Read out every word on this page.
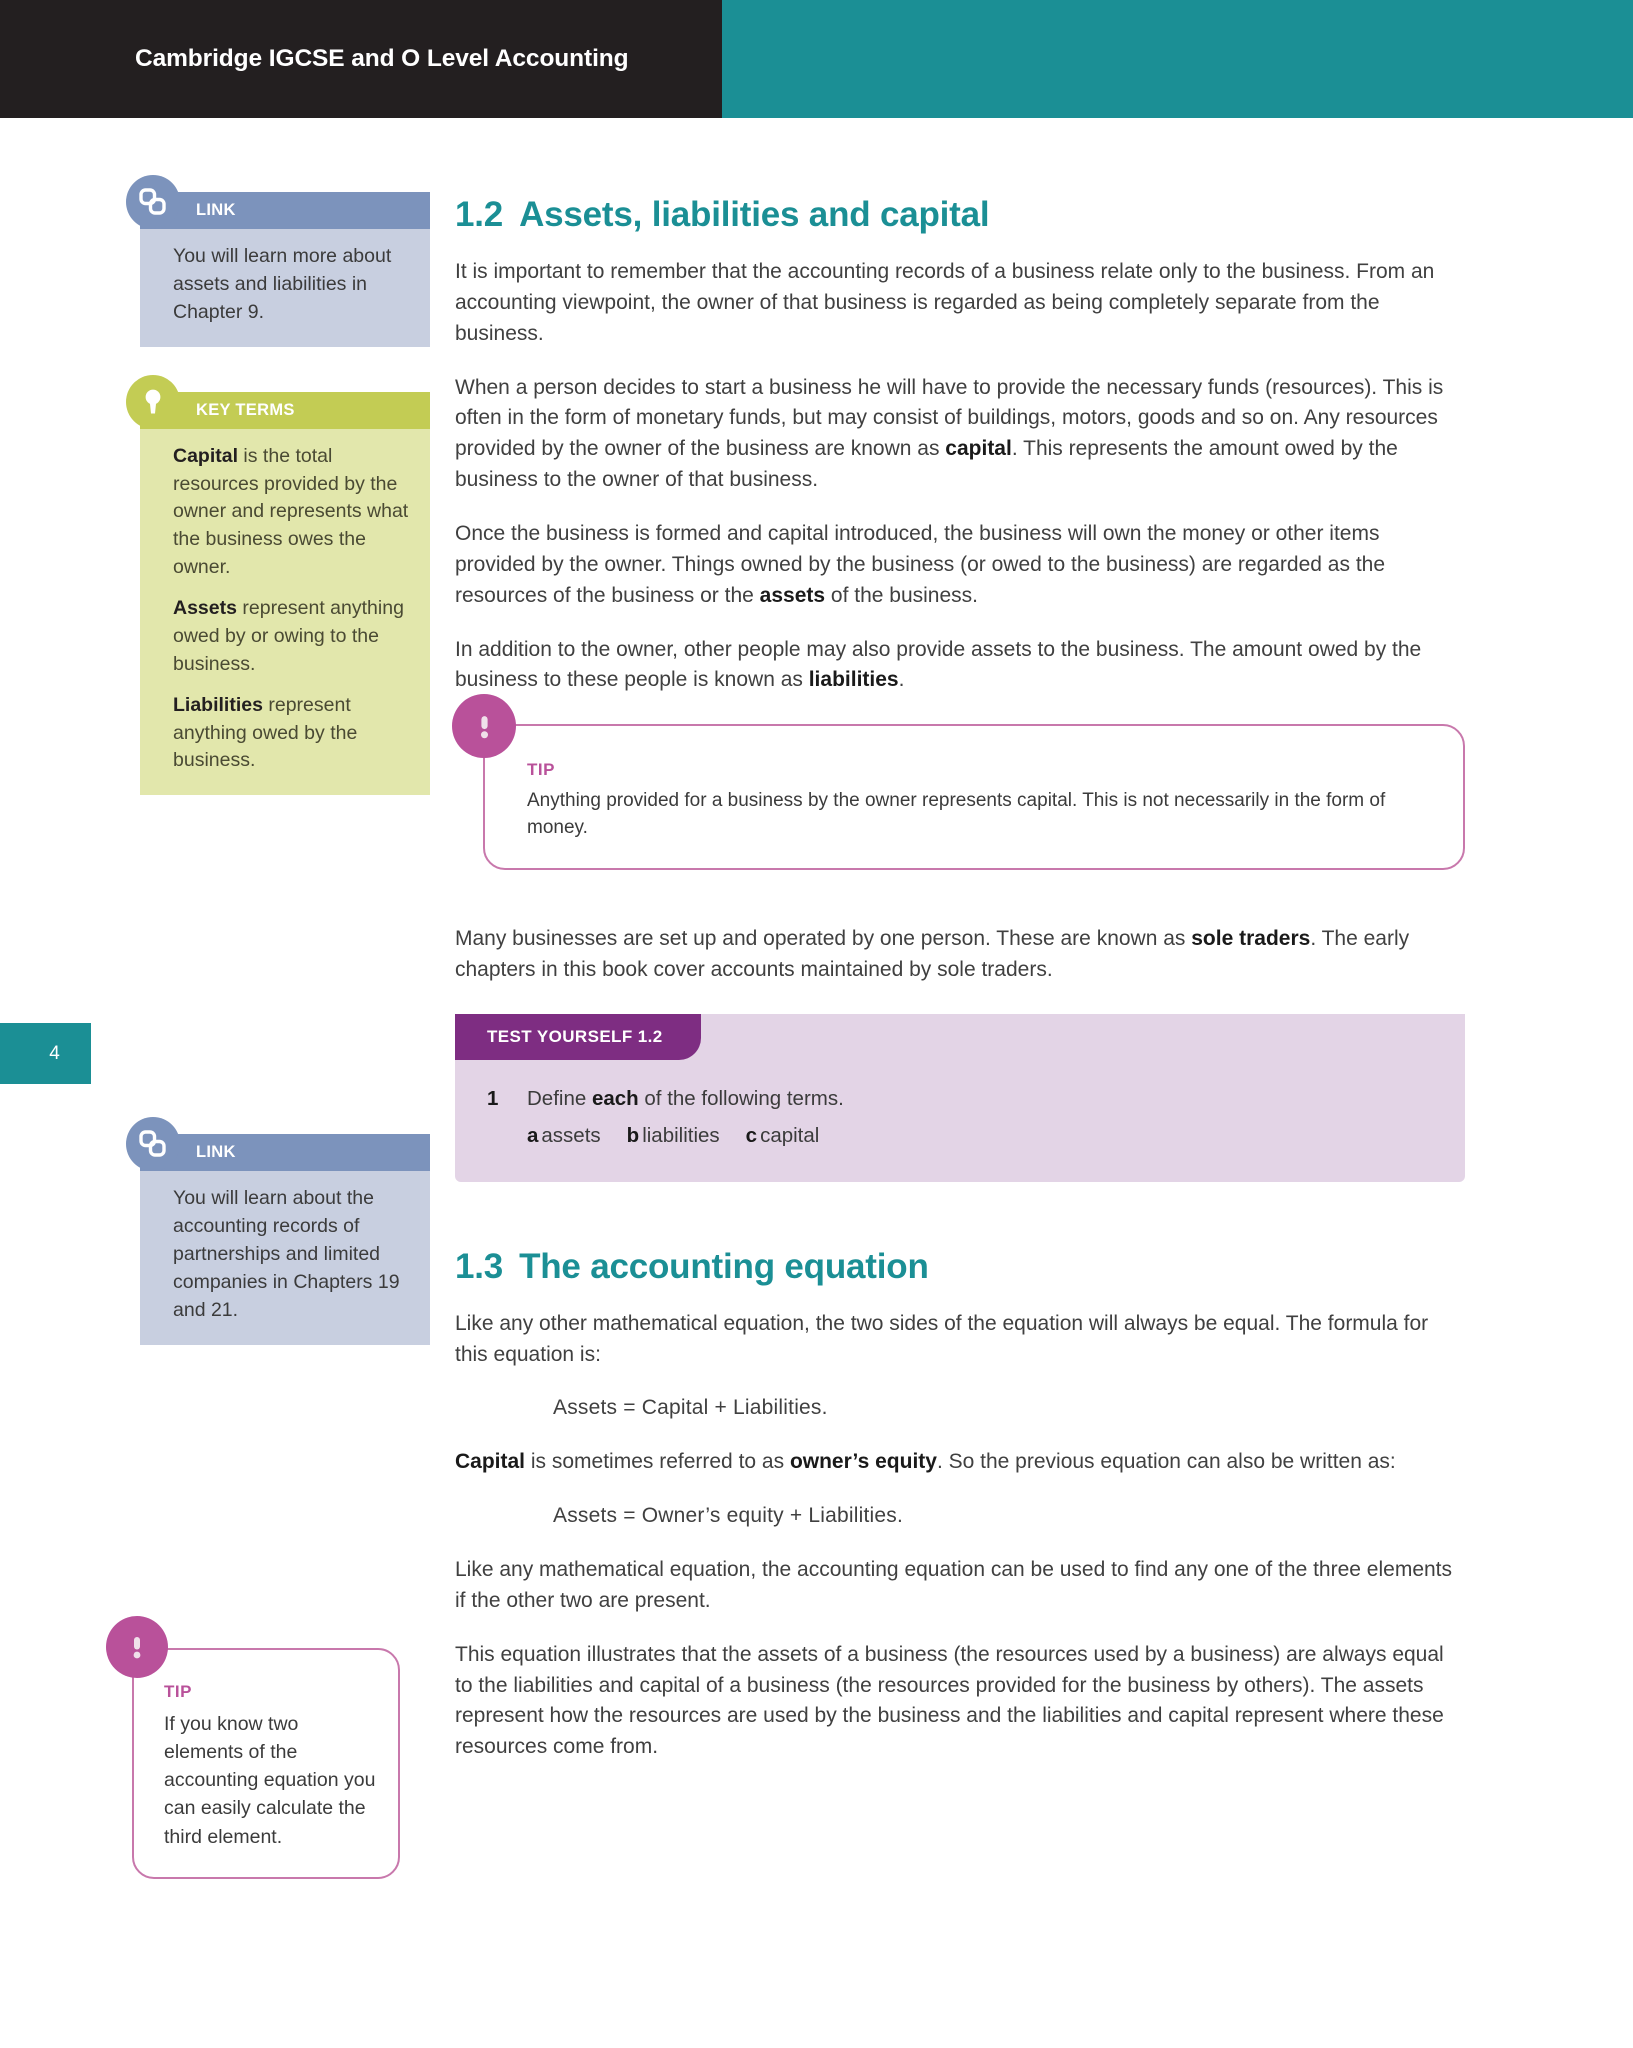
Cambridge IGCSE and O Level Accounting
4
LINK
You will learn more about assets and liabilities in Chapter 9.
KEY TERMS

Capital is the total resources provided by the owner and represents what the business owes the owner.

Assets represent anything owed by or owing to the business.

Liabilities represent anything owed by the business.

LINK
You will learn about the accounting records of partnerships and limited companies in Chapters 19 and 21.
TIP
If you know two elements of the accounting equation you can easily calculate the third element.
1.2 Assets, liabilities and capital

It is important to remember that the accounting records of a business relate only to the business. From an accounting viewpoint, the owner of that business is regarded as being completely separate from the business.

When a person decides to start a business he will have to provide the necessary funds (resources). This is often in the form of monetary funds, but may consist of buildings, motors, goods and so on. Any resources provided by the owner of the business are known as capital. This represents the amount owed by the business to the owner of that business.

Once the business is formed and capital introduced, the business will own the money or other items provided by the owner. Things owned by the business (or owed to the business) are regarded as the resources of the business or the assets of the business.

In addition to the owner, other people may also provide assets to the business. The amount owed by the business to these people is known as liabilities.

TIP
Anything provided for a business by the owner represents capital. This is not necessarily in the form of money.

Many businesses are set up and operated by one person. These are known as sole traders. The early chapters in this book cover accounts maintained by sole traders.

TEST YOURSELF 1.2
1	Define each of the following terms.
a assets b liabilities c capital
1.3 The accounting equation

Like any other mathematical equation, the two sides of the equation will always be equal. The formula for this equation is:

Assets = Capital + Liabilities.

Capital is sometimes referred to as owner’s equity. So the previous equation can also be written as:

Assets = Owner’s equity + Liabilities.

Like any mathematical equation, the accounting equation can be used to find any one of the three elements if the other two are present.

This equation illustrates that the assets of a business (the resources used by a business) are always equal to the liabilities and capital of a business (the resources provided for the business by others). The assets represent how the resources are used by the business and the liabilities and capital represent where these resources come from.
